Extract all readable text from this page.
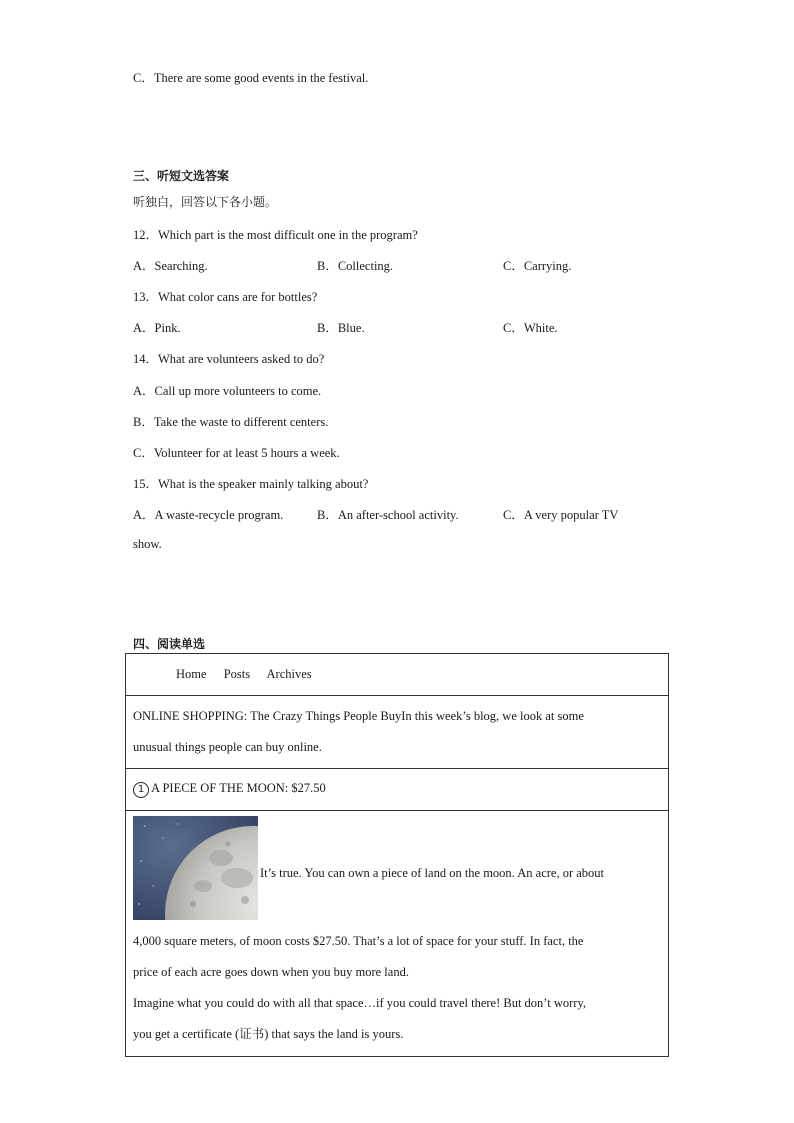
C．There are some good events in the festival.
三、听短文选答案
听独白，回答以下各小题。
12．Which part is the most difficult one in the program?
A．Searching.	B．Collecting.	C．Carrying.
13．What color cans are for bottles?
A．Pink.	B．Blue.	C．White.
14．What are volunteers asked to do?
A．Call up more volunteers to come.
B．Take the waste to different centers.
C．Volunteer for at least 5 hours a week.
15．What is the speaker mainly talking about?
A．A waste-recycle program.	B．An after-school activity.	C．A very popular TV
show.
四、阅读单选
Home Posts Archives

ONLINE SHOPPING: The Crazy Things People BuyIn this week’s blog, we look at some
unusual things people can buy online.

1 A PIECE OF THE MOON: $27.50

It’s true. You can own a piece of land on the moon. An acre, or about
4,000 square meters, of moon costs $27.50. That’s a lot of space for your stuff. In fact, the
price of each acre goes down when you buy more land.
Imagine what you could do with all that space…if you could travel there! But don’t worry,
you get a certificate (证书) that says the land is yours.
